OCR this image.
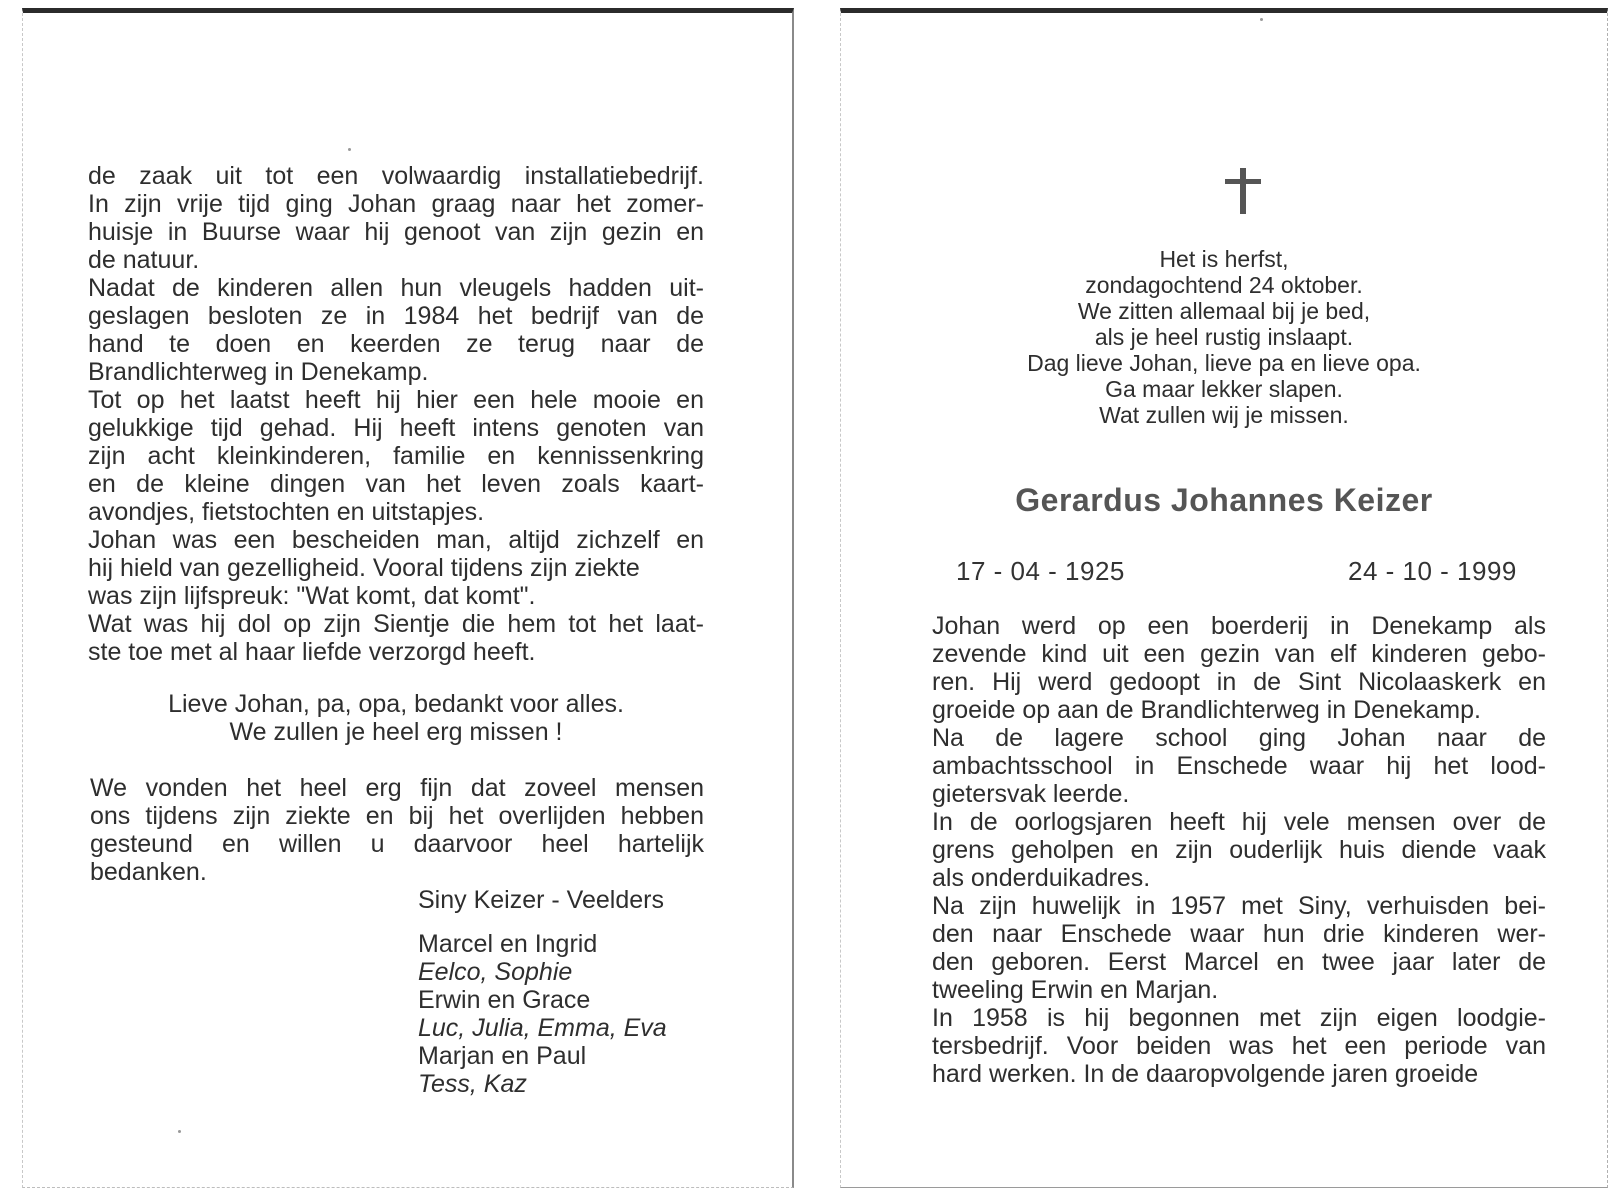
de zaak uit tot een volwaardig installatiebedrijf.
In zijn vrije tijd ging Johan graag naar het zomer-
huisje in Buurse waar hij genoot van zijn gezin en
de natuur.
Nadat de kinderen allen hun vleugels hadden uit-
geslagen besloten ze in 1984 het bedrijf van de
hand te doen en keerden ze terug naar de
Brandlichterweg in Denekamp.
Tot op het laatst heeft hij hier een hele mooie en
gelukkige tijd gehad. Hij heeft intens genoten van
zijn acht kleinkinderen, familie en kennissenkring
en de kleine dingen van het leven zoals kaart-
avondjes, fietstochten en uitstapjes.
Johan was een bescheiden man, altijd zichzelf en
hij hield van gezelligheid. Vooral tijdens zijn ziekte
was zijn lijfspreuk: "Wat komt, dat komt".
Wat was hij dol op zijn Sientje die hem tot het laat-
ste toe met al haar liefde verzorgd heeft.
Lieve Johan, pa, opa, bedankt voor alles.
We zullen je heel erg missen !
We vonden het heel erg fijn dat zoveel mensen
ons tijdens zijn ziekte en bij het overlijden hebben
gesteund en willen u daarvoor heel hartelijk
bedanken.
Siny Keizer - Veelders
Marcel en Ingrid
Eelco, Sophie
Erwin en Grace
Luc, Julia, Emma, Eva
Marjan en Paul
Tess, Kaz
Het is herfst,
zondagochtend 24 oktober.
We zitten allemaal bij je bed,
als je heel rustig inslaapt.
Dag lieve Johan, lieve pa en lieve opa.
Ga maar lekker slapen.
Wat zullen wij je missen.
Gerardus Johannes Keizer
17 - 04 - 1925	24 - 10 - 1999
Johan werd op een boerderij in Denekamp als
zevende kind uit een gezin van elf kinderen gebo-
ren. Hij werd gedoopt in de Sint Nicolaaskerk en
groeide op aan de Brandlichterweg in Denekamp.
Na de lagere school ging Johan naar de
ambachtsschool in Enschede waar hij het lood-
gietersvak leerde.
In de oorlogsjaren heeft hij vele mensen over de
grens geholpen en zijn ouderlijk huis diende vaak
als onderduikadres.
Na zijn huwelijk in 1957 met Siny, verhuisden bei-
den naar Enschede waar hun drie kinderen wer-
den geboren. Eerst Marcel en twee jaar later de
tweeling Erwin en Marjan.
In 1958 is hij begonnen met zijn eigen loodgie-
tersbedrijf. Voor beiden was het een periode van
hard werken. In de daaropvolgende jaren groeide
